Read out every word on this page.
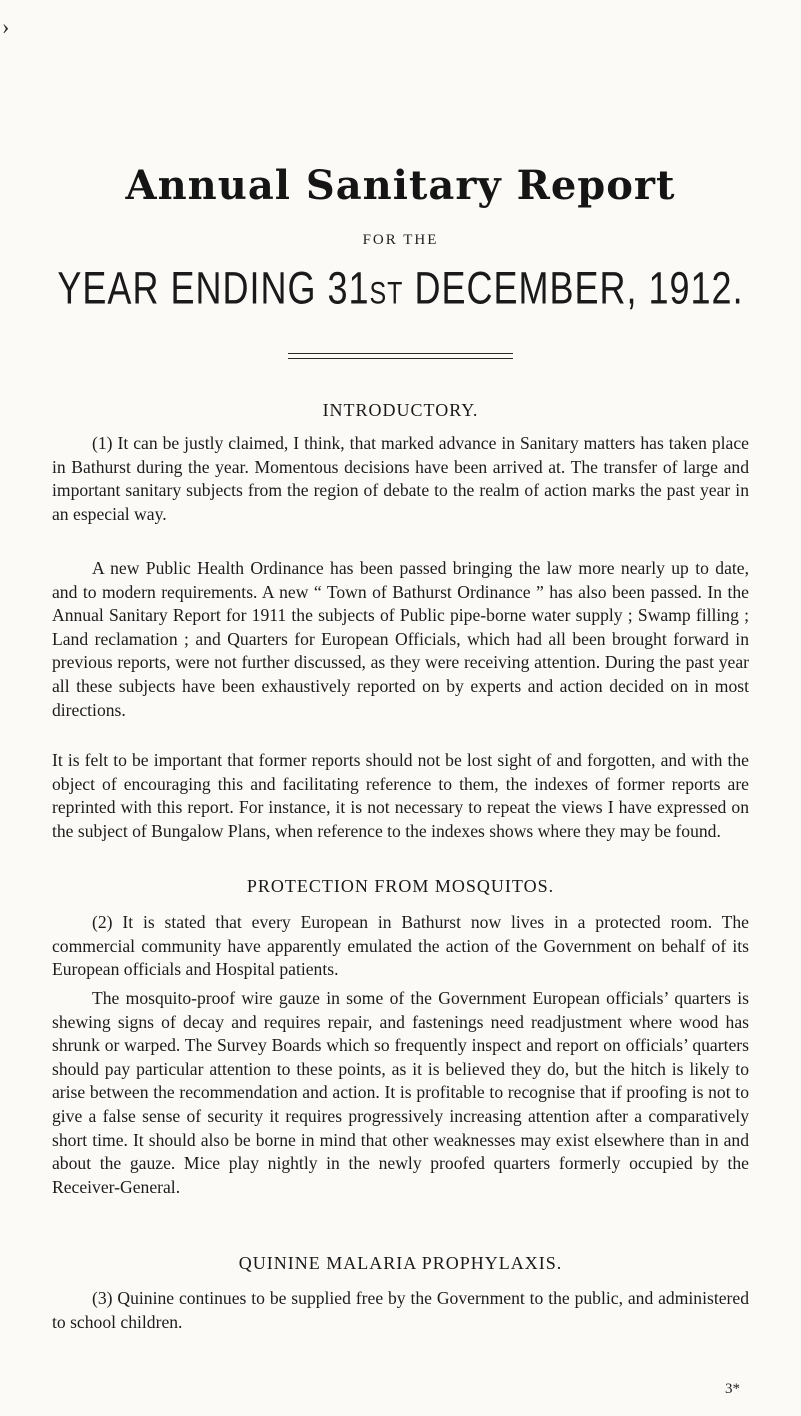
›
Annual Sanitary Report
FOR THE
YEAR ENDING 31ST DECEMBER, 1912.
INTRODUCTORY.

(1) It can be justly claimed, I think, that marked advance in Sanitary matters has taken place in Bathurst during the year. Momentous decisions have been arrived at. The transfer of large and important sanitary subjects from the region of debate to the realm of action marks the past year in an especial way.

A new Public Health Ordinance has been passed bringing the law more nearly up to date, and to modern requirements. A new “ Town of Bathurst Ordinance ” has also been passed. In the Annual Sanitary Report for 1911 the subjects of Public pipe-borne water supply ; Swamp filling ; Land reclamation ; and Quarters for European Officials, which had all been brought forward in previous reports, were not further discussed, as they were receiving attention. During the past year all these subjects have been exhaustively reported on by experts and action decided on in most directions.

It is felt to be important that former reports should not be lost sight of and forgotten, and with the object of encouraging this and facilitating reference to them, the indexes of former reports are reprinted with this report. For instance, it is not necessary to repeat the views I have expressed on the subject of Bungalow Plans, when reference to the indexes shows where they may be found.

PROTECTION FROM MOSQUITOS.

(2) It is stated that every European in Bathurst now lives in a protected room. The commercial community have apparently emulated the action of the Government on behalf of its European officials and Hospital patients.

The mosquito-proof wire gauze in some of the Government European officials’ quarters is shewing signs of decay and requires repair, and fastenings need readjustment where wood has shrunk or warped. The Survey Boards which so frequently inspect and report on officials’ quarters should pay particular attention to these points, as it is believed they do, but the hitch is likely to arise between the recommendation and action. It is profitable to recognise that if proofing is not to give a false sense of security it requires progressively increasing attention after a comparatively short time. It should also be borne in mind that other weaknesses may exist elsewhere than in and about the gauze. Mice play nightly in the newly proofed quarters formerly occupied by the Receiver-General.

QUININE MALARIA PROPHYLAXIS.

(3) Quinine continues to be supplied free by the Government to the public, and administered to school children.

3*
